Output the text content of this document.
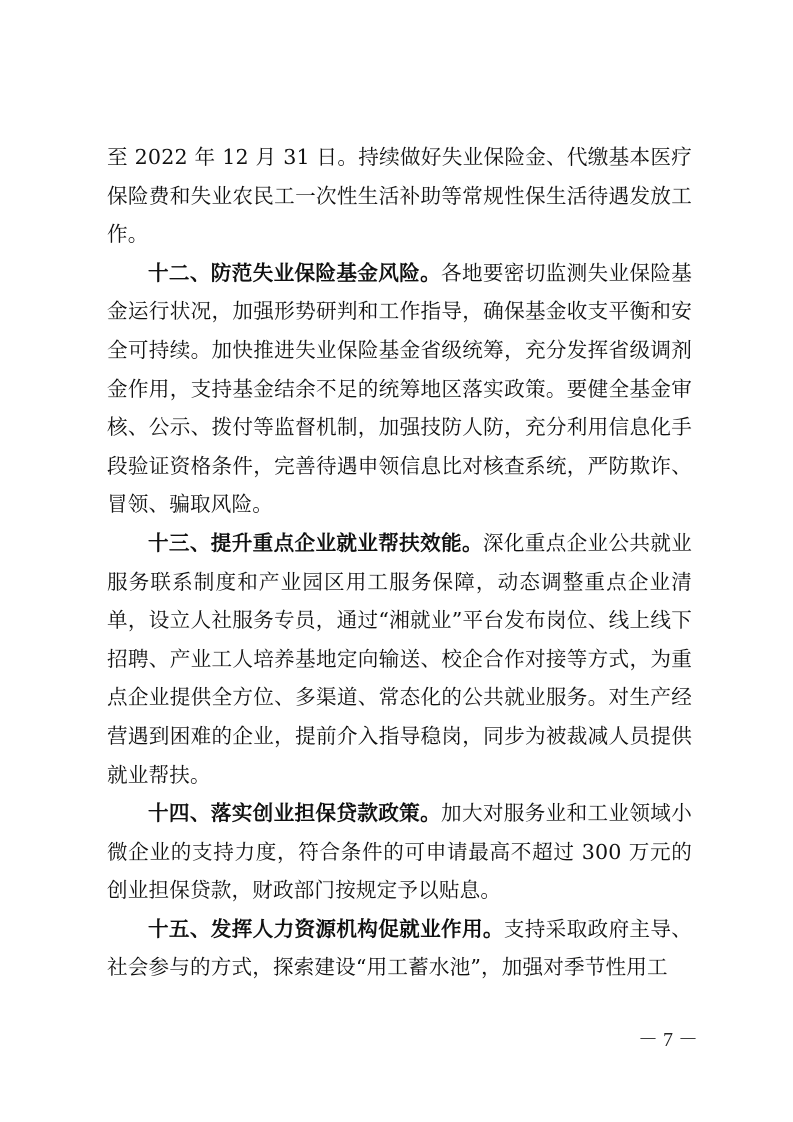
至 2022 年 12 月 31 日。持续做好失业保险金、代缴基本医疗保险费和失业农民工一次性生活补助等常规性保生活待遇发放工作。

十二、防范失业保险基金风险。各地要密切监测失业保险基金运行状况，加强形势研判和工作指导，确保基金收支平衡和安全可持续。加快推进失业保险基金省级统筹，充分发挥省级调剂金作用，支持基金结余不足的统筹地区落实政策。要健全基金审核、公示、拨付等监督机制，加强技防人防，充分利用信息化手段验证资格条件，完善待遇申领信息比对核查系统，严防欺诈、冒领、骗取风险。

十三、提升重点企业就业帮扶效能。深化重点企业公共就业服务联系制度和产业园区用工服务保障，动态调整重点企业清单，设立人社服务专员，通过“湘就业”平台发布岗位、线上线下招聘、产业工人培养基地定向输送、校企合作对接等方式，为重点企业提供全方位、多渠道、常态化的公共就业服务。对生产经营遇到困难的企业，提前介入指导稳岗，同步为被裁减人员提供就业帮扶。

十四、落实创业担保贷款政策。加大对服务业和工业领域小微企业的支持力度，符合条件的可申请最高不超过 300 万元的创业担保贷款，财政部门按规定予以贴息。

十五、发挥人力资源机构促就业作用。支持采取政府主导、社会参与的方式，探索建设“用工蓄水池”，加强对季节性用工

－ 7 －
